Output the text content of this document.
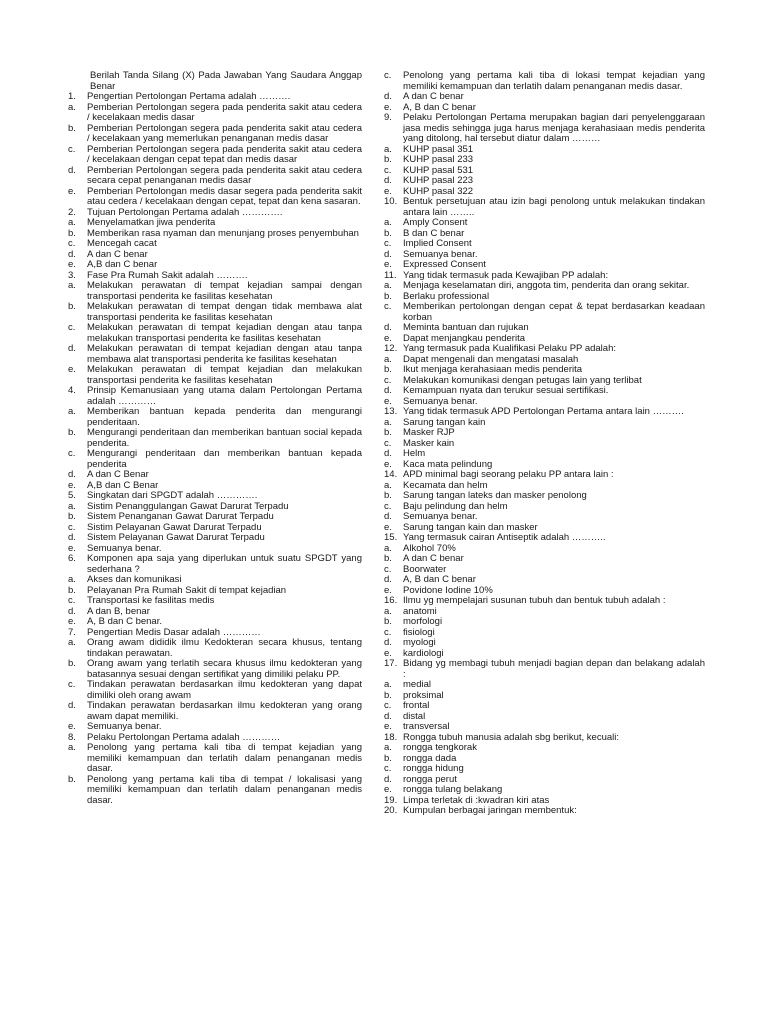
Berilah Tanda Silang (X) Pada Jawaban Yang Saudara Anggap Benar
1.	Pengertian Pertolongan Pertama adalah ……….
a.	Pemberian Pertolongan segera pada penderita sakit atau cedera / kecelakaan medis dasar
b.	Pemberian Pertolongan segera pada penderita sakit atau cedera / kecelakaan yang memerlukan penanganan medis dasar
c.	Pemberian Pertolongan segera pada penderita sakit atau cedera / kecelakaan dengan cepat tepat dan medis dasar
d.	Pemberian Pertolongan segera pada penderita sakit atau cedera secara cepat penanganan medis dasar
e.	Pemberian Pertolongan medis dasar segera pada penderita sakit atau cedera / kecelakaan dengan cepat, tepat dan kena sasaran.
2.	Tujuan Pertolongan Pertama adalah ………….
a.	Menyelamatkan jiwa penderita
b.	Memberikan rasa nyaman dan menunjang proses penyembuhan
c.	Mencegah cacat
d.	A dan C benar
e.	A,B dan C benar
3.	Fase Pra Rumah Sakit adalah ……….
a.	Melakukan perawatan di tempat kejadian sampai dengan transportasi penderita ke fasilitas kesehatan
b.	Melakukan perawatan di tempat dengan tidak membawa alat transportasi penderita ke fasilitas kesehatan
c.	Melakukan perawatan di tempat kejadian dengan atau tanpa melakukan transportasi penderita ke fasilitas kesehatan
d.	Melakukan perawatan di tempat kejadian dengan atau tanpa membawa alat transportasi penderita ke fasilitas kesehatan
e.	Melakukan perawatan di tempat kejadian dan melakukan transportasi penderita ke fasilitas kesehatan
4.	Prinsip Kemanusiaan yang utama dalam Pertolongan Pertama adalah …………
a.	Memberikan bantuan kepada penderita dan mengurangi penderitaan.
b.	Mengurangi penderitaan dan memberikan bantuan social kepada penderita.
c.	Mengurangi penderitaan dan memberikan bantuan kepada penderita
d.	A dan C Benar
e.	A,B dan C Benar
5.	Singkatan dari SPGDT adalah ………….
a.	Sistim Penanggulangan Gawat Darurat Terpadu
b.	Sistem Penanganan Gawat Darurat Terpadu
c.	Sistim Pelayanan Gawat Darurat Terpadu
d.	Sistem Pelayanan Gawat Darurat Terpadu
e.	Semuanya benar.
6.	Komponen apa saja yang diperlukan untuk suatu SPGDT yang sederhana ?
a.	Akses dan komunikasi
b.	Pelayanan Pra Rumah Sakit di tempat kejadian
c.	Transportasi ke fasilitas medis
d.	A dan B, benar
e.	A, B dan C benar.
7.	Pengertian Medis Dasar adalah …………
a.	Orang awam dididik ilmu Kedokteran secara khusus, tentang tindakan perawatan.
b.	Orang awam yang terlatih secara khusus ilmu kedokteran yang batasannya sesuai dengan sertifikat yang dimiliki pelaku PP.
c.	Tindakan perawatan berdasarkan ilmu kedokteran yang dapat dimiliki oleh orang awam
d.	Tindakan perawatan berdasarkan ilmu kedokteran yang orang awam dapat memiliki.
e.	Semuanya benar.
8.	Pelaku Pertolongan Pertama adalah …………
a.	Penolong yang pertama kali tiba di tempat kejadian yang memiliki kemampuan dan terlatih dalam penanganan medis dasar.
b.	Penolong yang pertama kali tiba di tempat / lokalisasi yang memiliki kemampuan dan terlatih dalam penanganan medis dasar.
c.	Penolong yang pertama kali tiba di lokasi tempat kejadian yang memiliki kemampuan dan terlatih dalam penanganan medis dasar.
d.	A dan C benar
e.	A, B dan C benar
9.	Pelaku Pertolongan Pertama merupakan bagian dari penyelenggaraan jasa medis sehingga juga harus menjaga kerahasiaan medis penderita yang ditolong, hal tersebut diatur dalam ………
a.	KUHP pasal 351
b.	KUHP pasal 233
c.	KUHP pasal 531
d.	KUHP pasal 223
e.	KUHP pasal 322
10. Bentuk persetujuan atau izin bagi penolong untuk melakukan tindakan antara lain ……..
a.	Amply Consent
b.	B dan C benar
c.	Implied Consent
d.	Semuanya benar.
e.	Expressed Consent
11. Yang tidak termasuk pada Kewajiban PP adalah:
a.	Menjaga keselamatan diri, anggota tim, penderita dan orang sekitar.
b.	Berlaku professional
c.	Memberikan pertolongan dengan cepat & tepat berdasarkan keadaan korban
d.	Meminta bantuan dan rujukan
e.	Dapat menjangkau penderita
12. Yang termasuk pada Kualifikasi Pelaku PP adalah:
a.	Dapat mengenali dan mengatasi masalah
b.	Ikut menjaga kerahasiaan medis penderita
c.	Melakukan komunikasi dengan petugas lain yang terlibat
d.	Kemampuan nyata dan terukur sesuai sertifikasi.
e.	Semuanya benar.
13. Yang tidak termasuk APD Pertolongan Pertama antara lain ……….
a.	Sarung tangan kain
b.	Masker RJP
c.	Masker kain
d.	Helm
e.	Kaca mata pelindung
14. APD minimal bagi seorang pelaku PP antara lain :
a.	Kecamata dan helm
b.	Sarung tangan lateks dan masker penolong
c.	Baju pelindung dan helm
d.	Semuanya benar.
e.	Sarung tangan kain dan masker
15. Yang termasuk cairan Antiseptik adalah ………..
a.	Alkohol 70%
b.	A dan C benar
c.	Boorwater
d.	A, B dan C benar
e.	Povidone Iodine 10%
16. Ilmu yg mempelajari susunan tubuh dan bentuk tubuh adalah :
a.	anatomi
b.	morfologi
c.	fisiologi
d.	myologi
e.	kardiologi
17. Bidang yg membagi tubuh menjadi bagian depan dan belakang adalah :
a.	medial
b.	proksimal
c.	frontal
d.	distal
e.	transversal
18. Rongga tubuh manusia adalah sbg berikut, kecuali:
a.	rongga tengkorak
b.	rongga dada
c.	rongga hidung
d.	rongga perut
e.	rongga tulang belakang
19. Limpa terletak di :kwadran kiri atas
20. Kumpulan berbagai jaringan membentuk:
